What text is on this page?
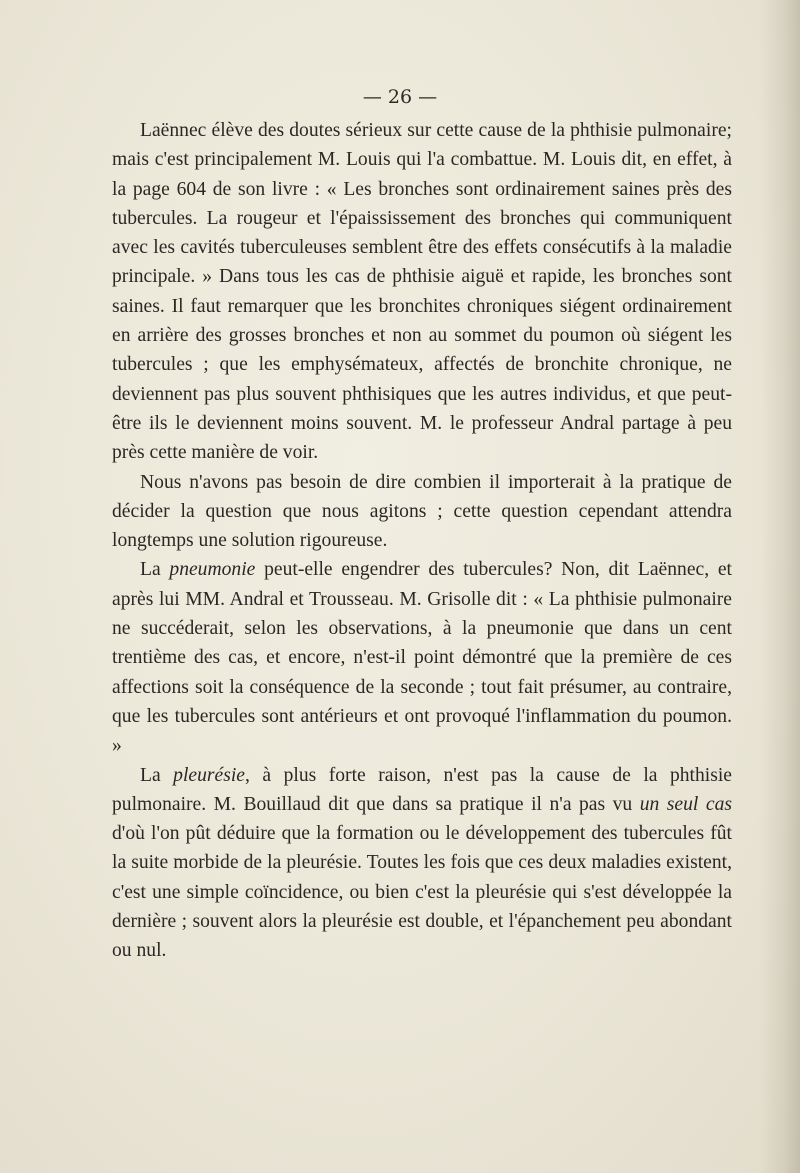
— 26 —

Laënnec élève des doutes sérieux sur cette cause de la phthisie pulmonaire; mais c'est principalement M. Louis qui l'a combattue. M. Louis dit, en effet, à la page 604 de son livre : « Les bronches sont ordinairement saines près des tubercules. La rougeur et l'épaississement des bronches qui communiquent avec les cavités tuberculeuses semblent être des effets consécutifs à la maladie principale. » Dans tous les cas de phthisie aiguë et rapide, les bronches sont saines. Il faut remarquer que les bronchites chroniques siégent ordinairement en arrière des grosses bronches et non au sommet du poumon où siégent les tubercules ; que les emphysémateux, affectés de bronchite chronique, ne deviennent pas plus souvent phthisiques que les autres individus, et que peut-être ils le deviennent moins souvent. M. le professeur Andral partage à peu près cette manière de voir.

Nous n'avons pas besoin de dire combien il importerait à la pratique de décider la question que nous agitons ; cette question cependant attendra longtemps une solution rigoureuse.

La pneumonie peut-elle engendrer des tubercules? Non, dit Laënnec, et après lui MM. Andral et Trousseau. M. Grisolle dit : « La phthisie pulmonaire ne succéderait, selon les observations, à la pneumonie que dans un cent trentième des cas, et encore, n'est-il point démontré que la première de ces affections soit la conséquence de la seconde ; tout fait présumer, au contraire, que les tubercules sont antérieurs et ont provoqué l'inflammation du poumon. »

La pleurésie, à plus forte raison, n'est pas la cause de la phthisie pulmonaire. M. Bouillaud dit que dans sa pratique il n'a pas vu un seul cas d'où l'on pût déduire que la formation ou le développement des tubercules fût la suite morbide de la pleurésie. Toutes les fois que ces deux maladies existent, c'est une simple coïncidence, ou bien c'est la pleurésie qui s'est développée la dernière ; souvent alors la pleurésie est double, et l'épanchement peu abondant ou nul.
